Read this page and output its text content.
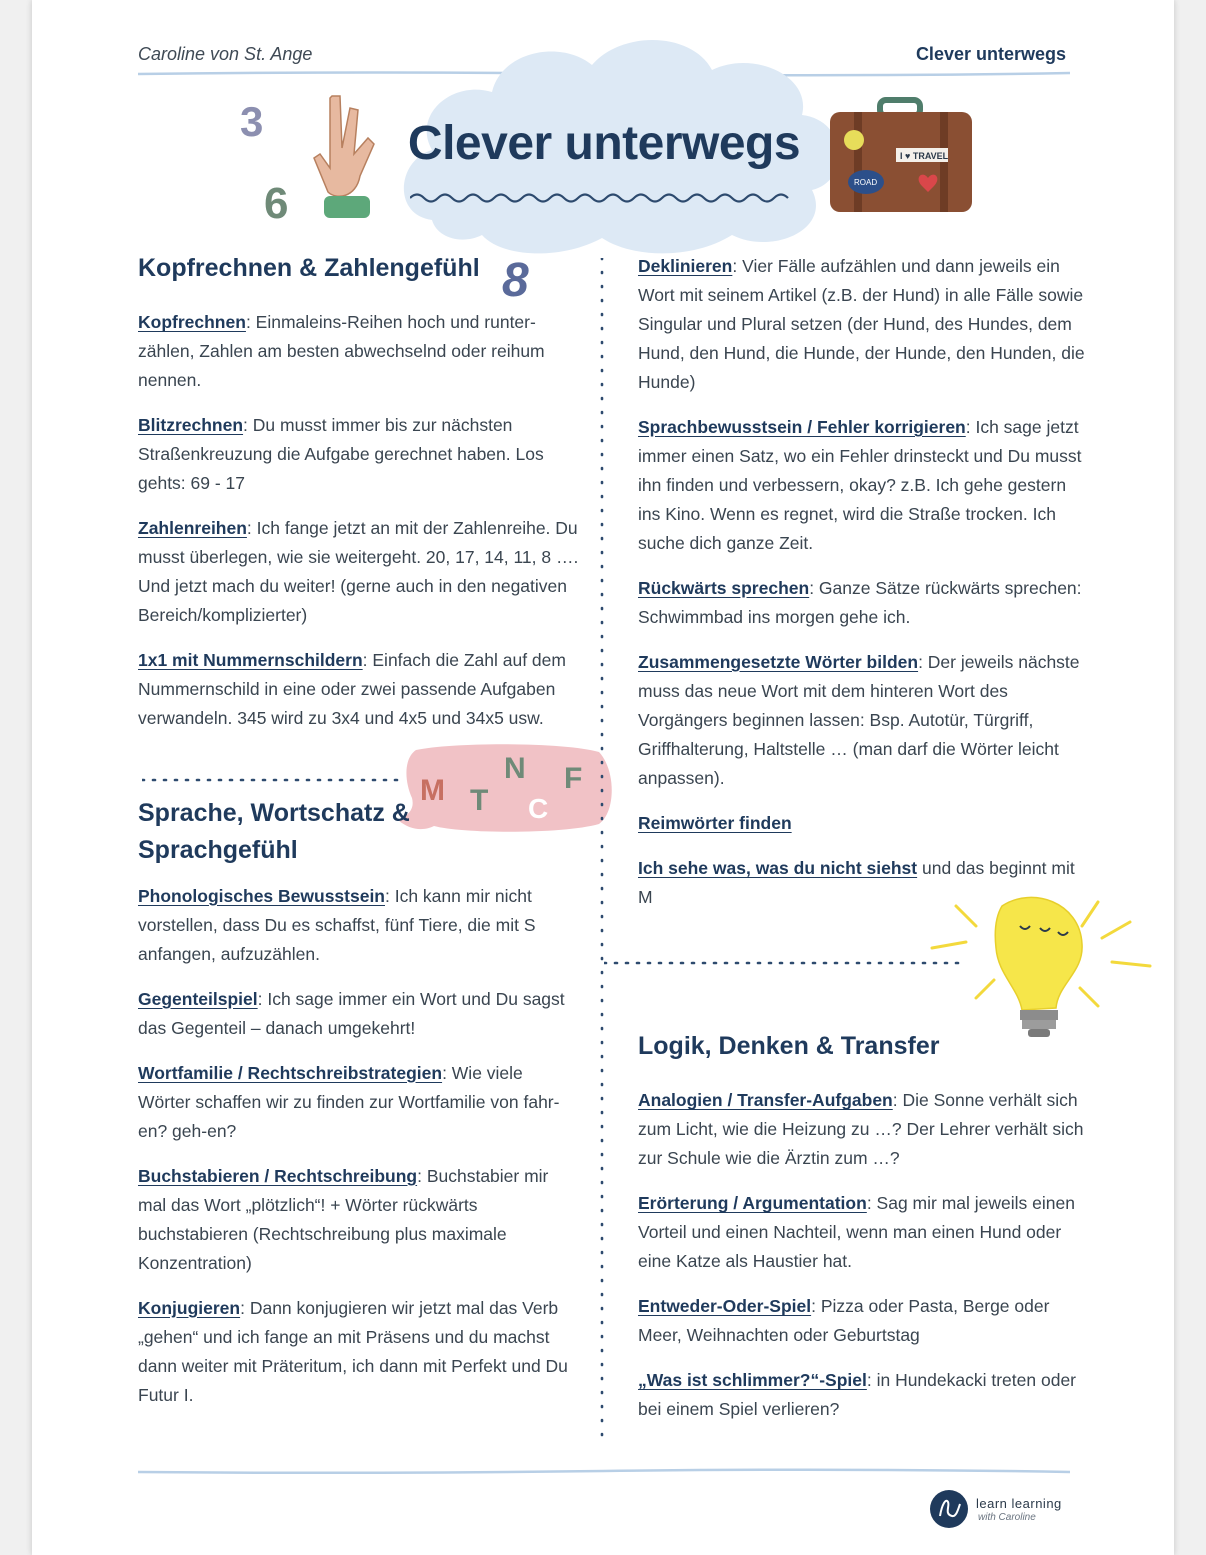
Caroline von St. Ange	Clever unterwegs
Clever unterwegs
3
6
I ♥ TRAVEL
ROAD
8
M T
N
C
F
Kopfrechnen & Zahlengefühl

Kopfrechnen: Einmaleins-Reihen hoch und runter-zählen, Zahlen am besten abwechselnd oder reihum nennen.

Blitzrechnen: Du musst immer bis zur nächsten Straßenkreuzung die Aufgabe gerechnet haben. Los gehts: 69 - 17

Zahlenreihen: Ich fange jetzt an mit der Zahlenreihe. Du musst überlegen, wie sie weitergeht. 20, 17, 14, 11, 8 …. Und jetzt mach du weiter! (gerne auch in den negativen Bereich/komplizierter)

1x1 mit Nummernschildern: Einfach die Zahl auf dem Nummernschild in eine oder zwei passende Aufgaben verwandeln. 345 wird zu 3x4 und 4x5 und 34x5 usw.

Sprache, Wortschatz & Sprachgefühl

Phonologisches Bewusstsein: Ich kann mir nicht vorstellen, dass Du es schaffst, fünf Tiere, die mit S anfangen, aufzuzählen.

Gegenteilspiel: Ich sage immer ein Wort und Du sagst das Gegenteil – danach umgekehrt!

Wortfamilie / Rechtschreibstrategien: Wie viele Wörter schaffen wir zu finden zur Wortfamilie von fahr-en? geh-en?

Buchstabieren / Rechtschreibung: Buchstabier mir mal das Wort „plötzlich“! + Wörter rückwärts buchstabieren (Rechtschreibung plus maximale Konzentration)

Konjugieren: Dann konjugieren wir jetzt mal das Verb „gehen“ und ich fange an mit Präsens und du machst dann weiter mit Präteritum, ich dann mit Perfekt und Du Futur I.

Deklinieren: Vier Fälle aufzählen und dann jeweils ein Wort mit seinem Artikel (z.B. der Hund) in alle Fälle sowie Singular und Plural setzen (der Hund, des Hundes, dem Hund, den Hund, die Hunde, der Hunde, den Hunden, die Hunde)

Sprachbewusstsein / Fehler korrigieren: Ich sage jetzt immer einen Satz, wo ein Fehler drinsteckt und Du musst ihn finden und verbessern, okay? z.B. Ich gehe gestern ins Kino. Wenn es regnet, wird die Straße trocken. Ich suche dich ganze Zeit.

Rückwärts sprechen: Ganze Sätze rückwärts sprechen: Schwimmbad ins morgen gehe ich.

Zusammengesetzte Wörter bilden: Der jeweils nächste muss das neue Wort mit dem hinteren Wort des Vorgängers beginnen lassen: Bsp. Autotür, Türgriff, Griffhalterung, Haltstelle … (man darf die Wörter leicht anpassen).

Reimwörter finden

Ich sehe was, was du nicht siehst und das beginnt mit M

Logik, Denken & Transfer

Analogien / Transfer-Aufgaben: Die Sonne verhält sich zum Licht, wie die Heizung zu …? Der Lehrer verhält sich zur Schule wie die Ärztin zum …?

Erörterung / Argumentation: Sag mir mal jeweils einen Vorteil und einen Nachteil, wenn man einen Hund oder eine Katze als Haustier hat.

Entweder-Oder-Spiel: Pizza oder Pasta, Berge oder Meer, Weihnachten oder Geburtstag

„Was ist schlimmer?“-Spiel: in Hundekacki treten oder bei einem Spiel verlieren?

learn learning
with Caroline
